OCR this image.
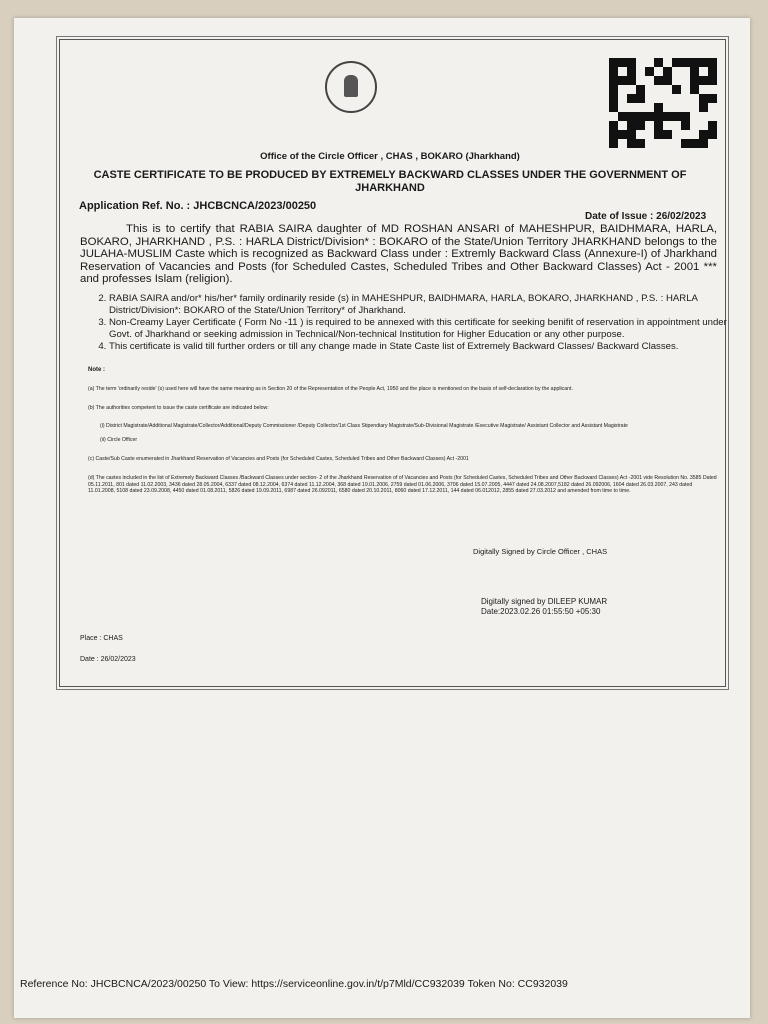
Office of the Circle Officer , CHAS , BOKARO (Jharkhand)
CASTE CERTIFICATE TO BE PRODUCED BY EXTREMELY BACKWARD CLASSES UNDER THE GOVERNMENT OF JHARKHAND
Application Ref. No. : JHCBCNCA/2023/00250
Date of Issue : 26/02/2023
This is to certify that RABIA SAIRA daughter of MD ROSHAN ANSARI of MAHESHPUR, BAIDHMARA, HARLA, BOKARO, JHARKHAND , P.S. : HARLA District/Division* : BOKARO of the State/Union Territory JHARKHAND belongs to the JULAHA-MUSLIM Caste which is recognized as Backward Class under : Extremly Backward Class (Annexure-I) of Jharkhand Reservation of Vacancies and Posts (for Scheduled Castes, Scheduled Tribes and Other Backward Classes) Act - 2001 *** and professes Islam (religion).
2. RABIA SAIRA and/or* his/her* family ordinarily reside (s) in MAHESHPUR, BAIDHMARA, HARLA, BOKARO, JHARKHAND , P.S. : HARLA District/Division*: BOKARO of the State/Union Territory* of Jharkhand.
3. Non-Creamy Layer Certificate ( Form No -11 ) is required to be annexed with this certificate for seeking benifit of reservation in appointment under Govt. of Jharkhand or seeking admission in Technical/Non-technical Institution for Higher Education or any other purpose.
4. This certificate is valid till further orders or till any change made in State Caste list of Extremely Backward Classes/ Backward Classes.
Note :
(a) The term 'ordinarily reside' (s) used here will have the same meaning as in Section 20 of the Representation of the People Act, 1950 and the place is mentioned on the basis of self-declaration by the applicant.
(b) The authorities competent to issue the caste certificate are indicated below:
(i) District Magistrate/Additional Magistrate/Collector/Additional/Deputy Commissioner /Deputy Collector/1st Class Stipendiary Magistrate/Sub-Divisional Magistrate /Executive Magistrate/ Assistant Collector and Assistant Magistrate
(ii) Circle Officer
(c) Caste/Sub Caste enumerated in Jharkhand Reservation of Vacancies and Posts (for Scheduled Castes, Scheduled Tribes and Other Backward Classes) Act -2001
(d) The castes included in the list of Extremely Backward Classes /Backward Classes under section- 2 of the Jharkhand Reservation of of Vacancies and Posts (for Scheduled Castes, Scheduled Tribes and Other Backward Classes) Act -2001 vide Resolution No. 3585 Dated 05.11.2011, 801 dated 11.02.2003, 3436 dated 28.05.2004, 6337 dated 08.12.2004, 6374 dated 11.12.2004, 368 dated 19.01.2006, 2759 dated 01.06.2006, 3706 dated 15.07.2005, 4447 dated 24.08.2007,5182 dated 26.092006, 1604 dated 26.03.2007, 243 dated 11.01.2008, 5108 dated 23.09.2008, 4450 dated 01.08.2011, 5826 dated 19.09.2011, 6987 dated 26.092011, 6580 dated 20.10.2011, 8060 dated 17.12.2011, 144 dated 06.012012, 2855 dated 27.03.2012 and amended from time to time.
Digitally Signed by Circle Officer , CHAS
Digitally signed by DILEEP KUMAR
Date:2023.02.26 01:55:50 +05:30
Place : CHAS
Date : 26/02/2023
Reference No: JHCBCNCA/2023/00250 To View: https://serviceonline.gov.in/t/p7Mld/CC932039 Token No: CC932039
